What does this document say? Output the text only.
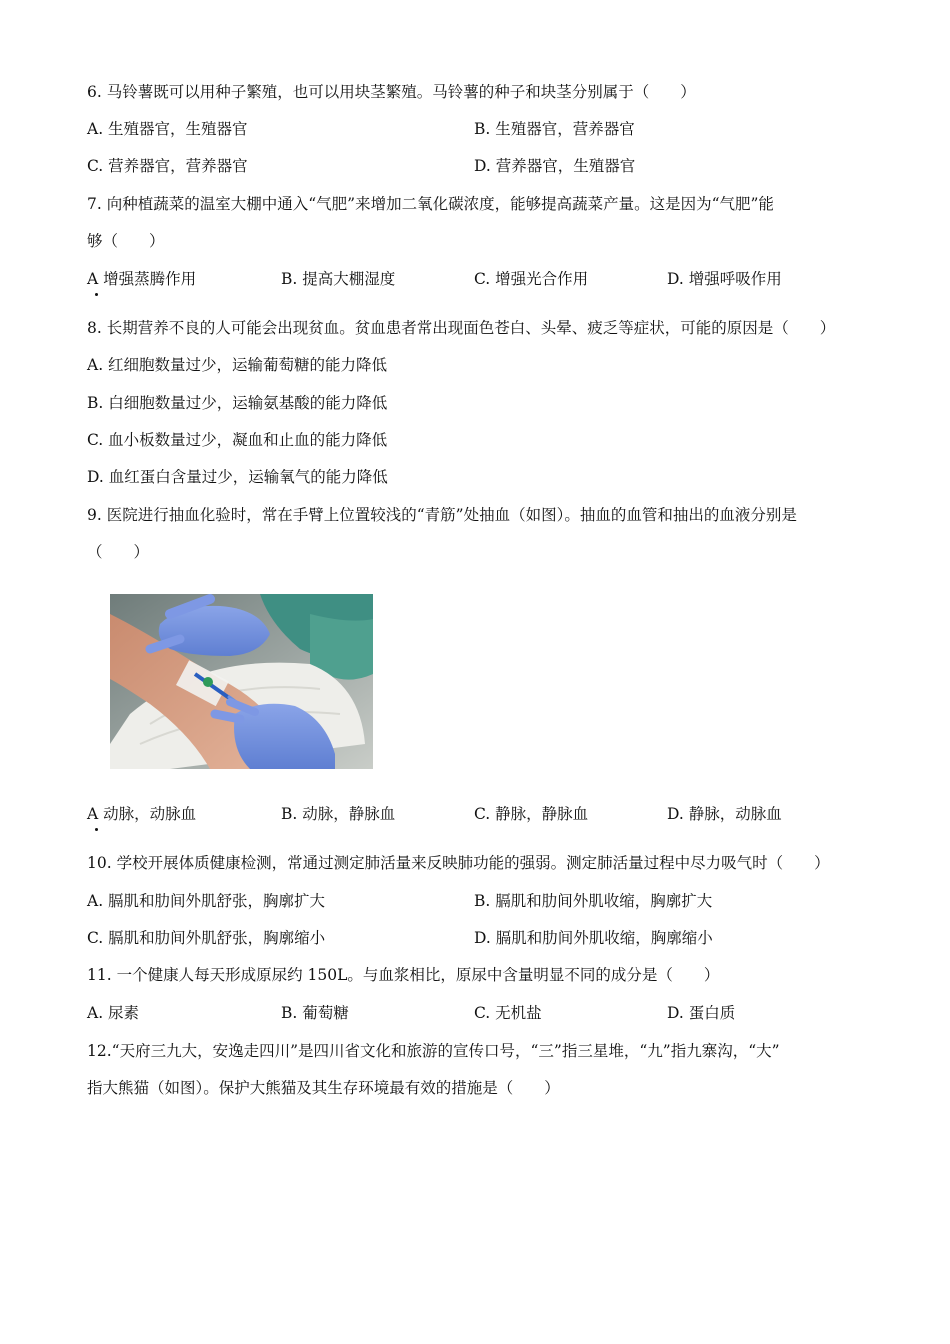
6. 马铃薯既可以用种子繁殖，也可以用块茎繁殖。马铃薯的种子和块茎分别属于（　　）
A. 生殖器官，生殖器官	B. 生殖器官，营养器官
C. 营养器官，营养器官	D. 营养器官，生殖器官
7. 向种植蔬菜的温室大棚中通入“气肥”来增加二氧化碳浓度，能够提高蔬菜产量。这是因为“气肥”能
够（　　）
A 增强蒸腾作用	B. 提高大棚湿度	C. 增强光合作用	D. 增强呼吸作用
8. 长期营养不良的人可能会出现贫血。贫血患者常出现面色苍白、头晕、疲乏等症状，可能的原因是（　　）
A. 红细胞数量过少，运输葡萄糖的能力降低
B. 白细胞数量过少，运输氨基酸的能力降低
C. 血小板数量过少，凝血和止血的能力降低
D. 血红蛋白含量过少，运输氧气的能力降低
9. 医院进行抽血化验时，常在手臂上位置较浅的“青筋”处抽血（如图）。抽血的血管和抽出的血液分别是
（　　）
A 动脉，动脉血	B. 动脉，静脉血	C. 静脉，静脉血	D. 静脉，动脉血
10. 学校开展体质健康检测，常通过测定肺活量来反映肺功能的强弱。测定肺活量过程中尽力吸气时（　　）
A. 膈肌和肋间外肌舒张，胸廓扩大	B. 膈肌和肋间外肌收缩，胸廓扩大
C. 膈肌和肋间外肌舒张，胸廓缩小	D. 膈肌和肋间外肌收缩，胸廓缩小
11. 一个健康人每天形成原尿约 150L。与血浆相比，原尿中含量明显不同的成分是（　　）
A. 尿素	B. 葡萄糖	C. 无机盐	D. 蛋白质
12.“天府三九大，安逸走四川”是四川省文化和旅游的宣传口号，“三”指三星堆，“九”指九寨沟，“大”
指大熊猫（如图）。保护大熊猫及其生存环境最有效的措施是（　　）
